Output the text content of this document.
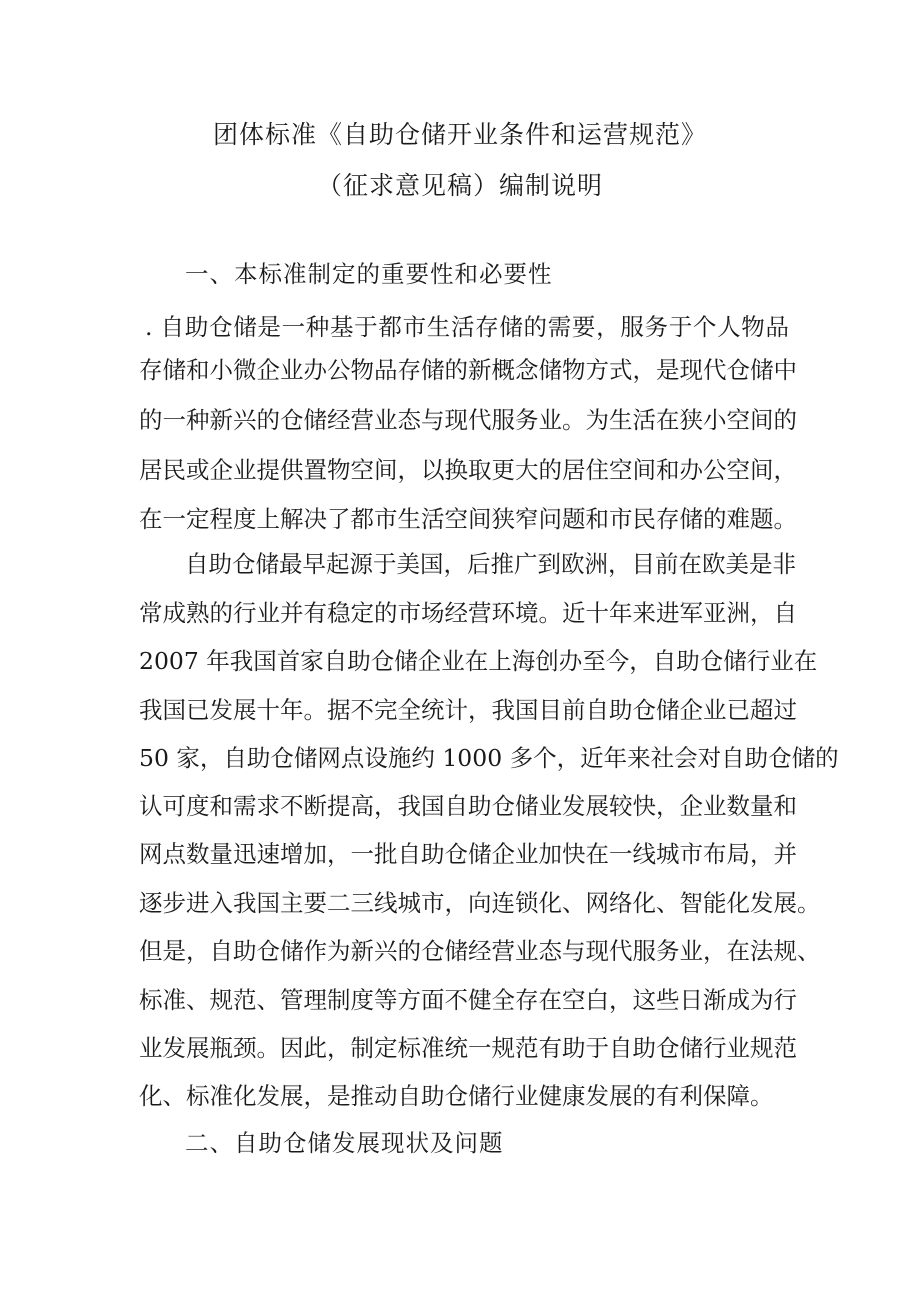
团体标准《自助仓储开业条件和运营规范》
（征求意见稿）编制说明
一、本标准制定的重要性和必要性
. 自助仓储是一种基于都市生活存储的需要，服务于个人物品
存储和小微企业办公物品存储的新概念储物方式，是现代仓储中
的一种新兴的仓储经营业态与现代服务业。为生活在狭小空间的
居民或企业提供置物空间，以换取更大的居住空间和办公空间，
在一定程度上解决了都市生活空间狭窄问题和市民存储的难题。
自助仓储最早起源于美国，后推广到欧洲，目前在欧美是非
常成熟的行业并有稳定的市场经营环境。近十年来进军亚洲，自
2007 年我国首家自助仓储企业在上海创办至今，自助仓储行业在
我国已发展十年。据不完全统计，我国目前自助仓储企业已超过
50 家，自助仓储网点设施约 1000 多个，近年来社会对自助仓储的
认可度和需求不断提高，我国自助仓储业发展较快，企业数量和
网点数量迅速增加，一批自助仓储企业加快在一线城市布局，并
逐步进入我国主要二三线城市，向连锁化、网络化、智能化发展。
但是，自助仓储作为新兴的仓储经营业态与现代服务业，在法规、
标准、规范、管理制度等方面不健全存在空白，这些日渐成为行
业发展瓶颈。因此，制定标准统一规范有助于自助仓储行业规范
化、标准化发展，是推动自助仓储行业健康发展的有利保障。
二、自助仓储发展现状及问题
